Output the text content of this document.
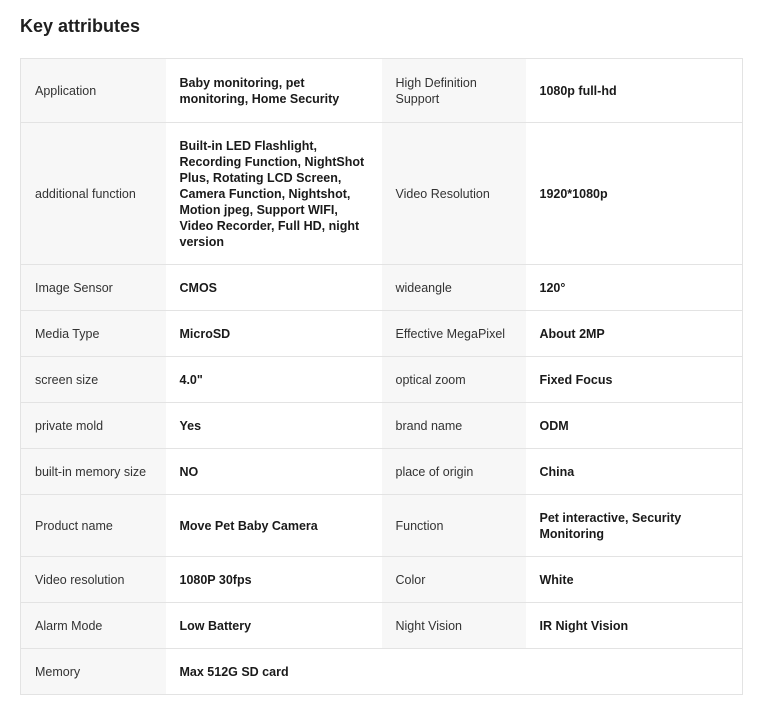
Key attributes
Application	Baby monitoring, pet monitoring, Home Security	High Definition Support	1080p full-hd
additional function	Built-in LED Flashlight, Recording Function, NightShot Plus, Rotating LCD Screen, Camera Function, Nightshot, Motion jpeg, Support WIFI, Video Recorder, Full HD, night version	Video Resolution	1920*1080p
Image Sensor	CMOS	wideangle	120°
Media Type	MicroSD	Effective MegaPixel	About 2MP
screen size	4.0"	optical zoom	Fixed Focus
private mold	Yes	brand name	ODM
built-in memory size	NO	place of origin	China
Product name	Move Pet Baby Camera	Function	Pet interactive, Security Monitoring
Video resolution	1080P 30fps	Color	White
Alarm Mode	Low Battery	Night Vision	IR Night Vision
Memory	Max 512G SD card		
